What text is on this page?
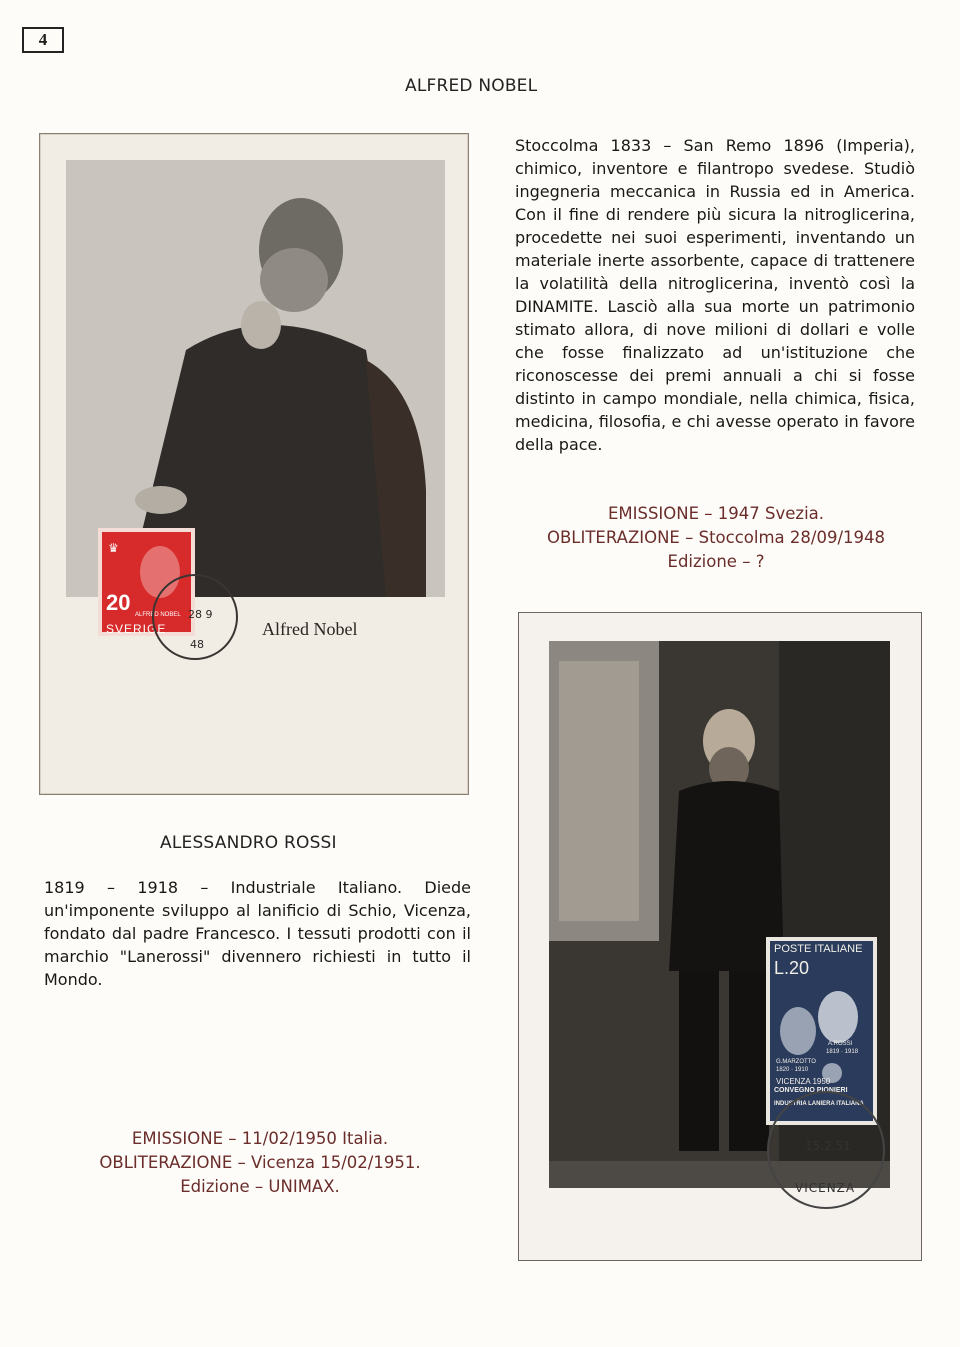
4
ALFRED NOBEL
♛
ALFRED NOBEL
20
SVERIGE
28 9
48
Alfred Nobel
Stoccolma 1833 – San Remo 1896 (Imperia), chimico, inventore e filantropo svedese. Studiò ingegneria meccanica in Russia ed in America. Con il fine di rendere più sicura la nitroglicerina, procedette nei suoi esperimenti, inventando un materiale inerte assorbente, capace di trattenere la volatilità della nitroglicerina, inventò così la DINAMITE. Lasciò alla sua morte un patrimonio stimato allora, di nove milioni di dollari e volle che fosse finalizzato ad un'istituzione che riconoscesse dei premi annuali a chi si fosse distinto in campo mondiale, nella chimica, fisica, medicina, filosofia, e chi avesse operato in favore della pace.
EMISSIONE – 1947 Svezia.
OBLITERAZIONE – Stoccolma 28/09/1948
Edizione – ?
ALESSANDRO ROSSI
1819 – 1918 – Industriale Italiano. Diede un'imponente sviluppo al lanificio di Schio, Vicenza, fondato dal padre Francesco. I tessuti prodotti con il marchio "Lanerossi" divennero richiesti in tutto il Mondo.
EMISSIONE – 11/02/1950 Italia.
OBLITERAZIONE – Vicenza 15/02/1951.
Edizione – UNIMAX.
POSTE ITALIANE
L.20
A.ROSSI
1819 · 1918
G.MARZOTTO
1820 · 1910
VICENZA 1950
CONVEGNO PIONIERI
INDUSTRIA LANIERA ITALIANA
15.2.51
VICENZA
